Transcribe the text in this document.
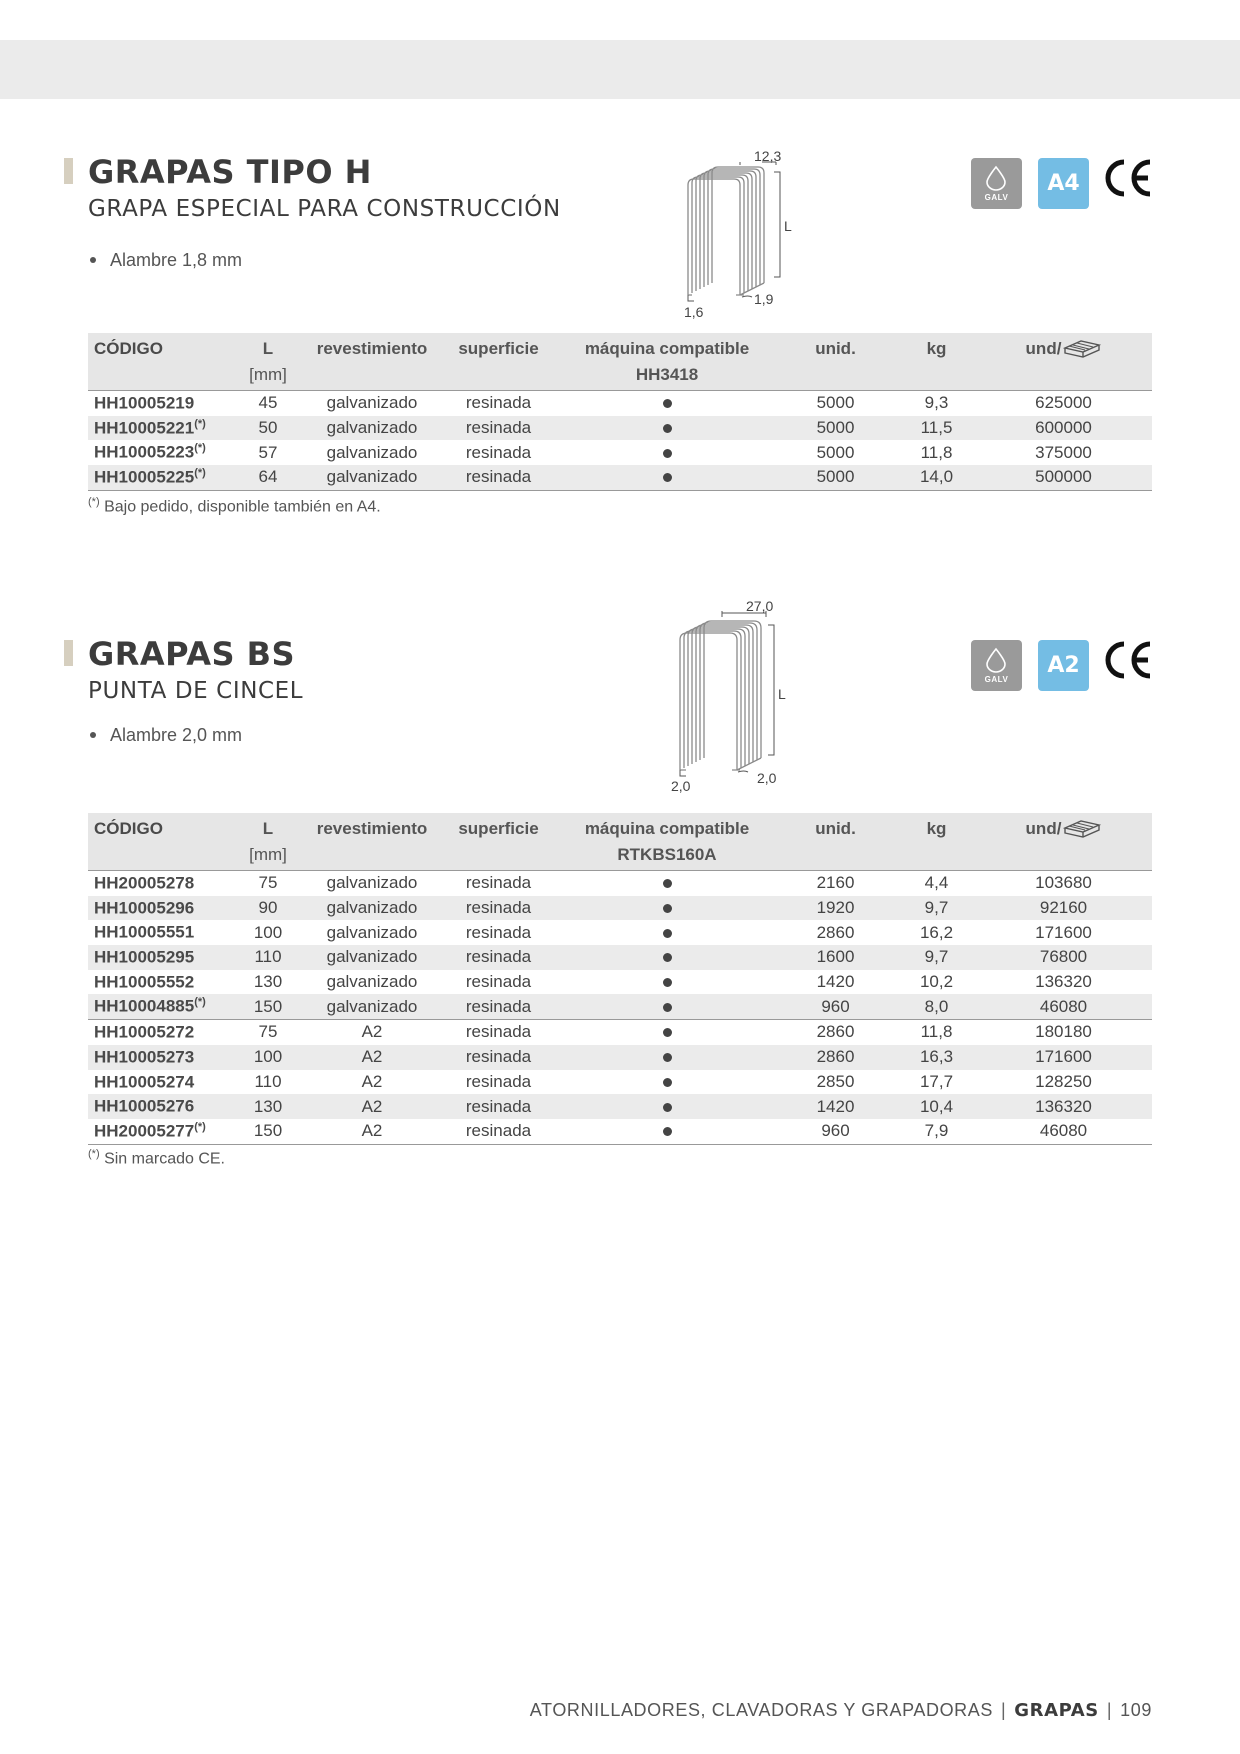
GRAPAS TIPO H
GRAPA ESPECIAL PARA CONSTRUCCIÓN
Alambre 1,8 mm
12,3
L
1,6
1,9
GALV
A4
CÓDIGO	L	revestimiento	superficie	máquina compatible	unid.	kg	und/
	[mm]			HH3418			
HH10005219	45	galvanizado	resinada		5000	9,3	625000
HH10005221(*)	50	galvanizado	resinada		5000	11,5	600000
HH10005223(*)	57	galvanizado	resinada		5000	11,8	375000
HH10005225(*)	64	galvanizado	resinada		5000	14,0	500000
(*) Bajo pedido, disponible también en A4.
GRAPAS BS
PUNTA DE CINCEL
Alambre 2,0 mm
27,0
L
2,0	2,0
GALV
A2
CÓDIGO	L	revestimiento	superficie	máquina compatible	unid.	kg	und/
	[mm]			RTKBS160A			
HH20005278	75	galvanizado	resinada		2160	4,4	103680
HH10005296	90	galvanizado	resinada		1920	9,7	92160
HH10005551	100	galvanizado	resinada		2860	16,2	171600
HH10005295	110	galvanizado	resinada		1600	9,7	76800
HH10005552	130	galvanizado	resinada		1420	10,2	136320
HH10004885(*)	150	galvanizado	resinada		960	8,0	46080
HH10005272	75	A2	resinada		2860	11,8	180180
HH10005273	100	A2	resinada		2860	16,3	171600
HH10005274	110	A2	resinada		2850	17,7	128250
HH10005276	130	A2	resinada		1420	10,4	136320
HH20005277(*)	150	A2	resinada		960	7,9	46080
(*) Sin marcado CE.
ATORNILLADORES, CLAVADORAS Y GRAPADORAS | GRAPAS | 109
